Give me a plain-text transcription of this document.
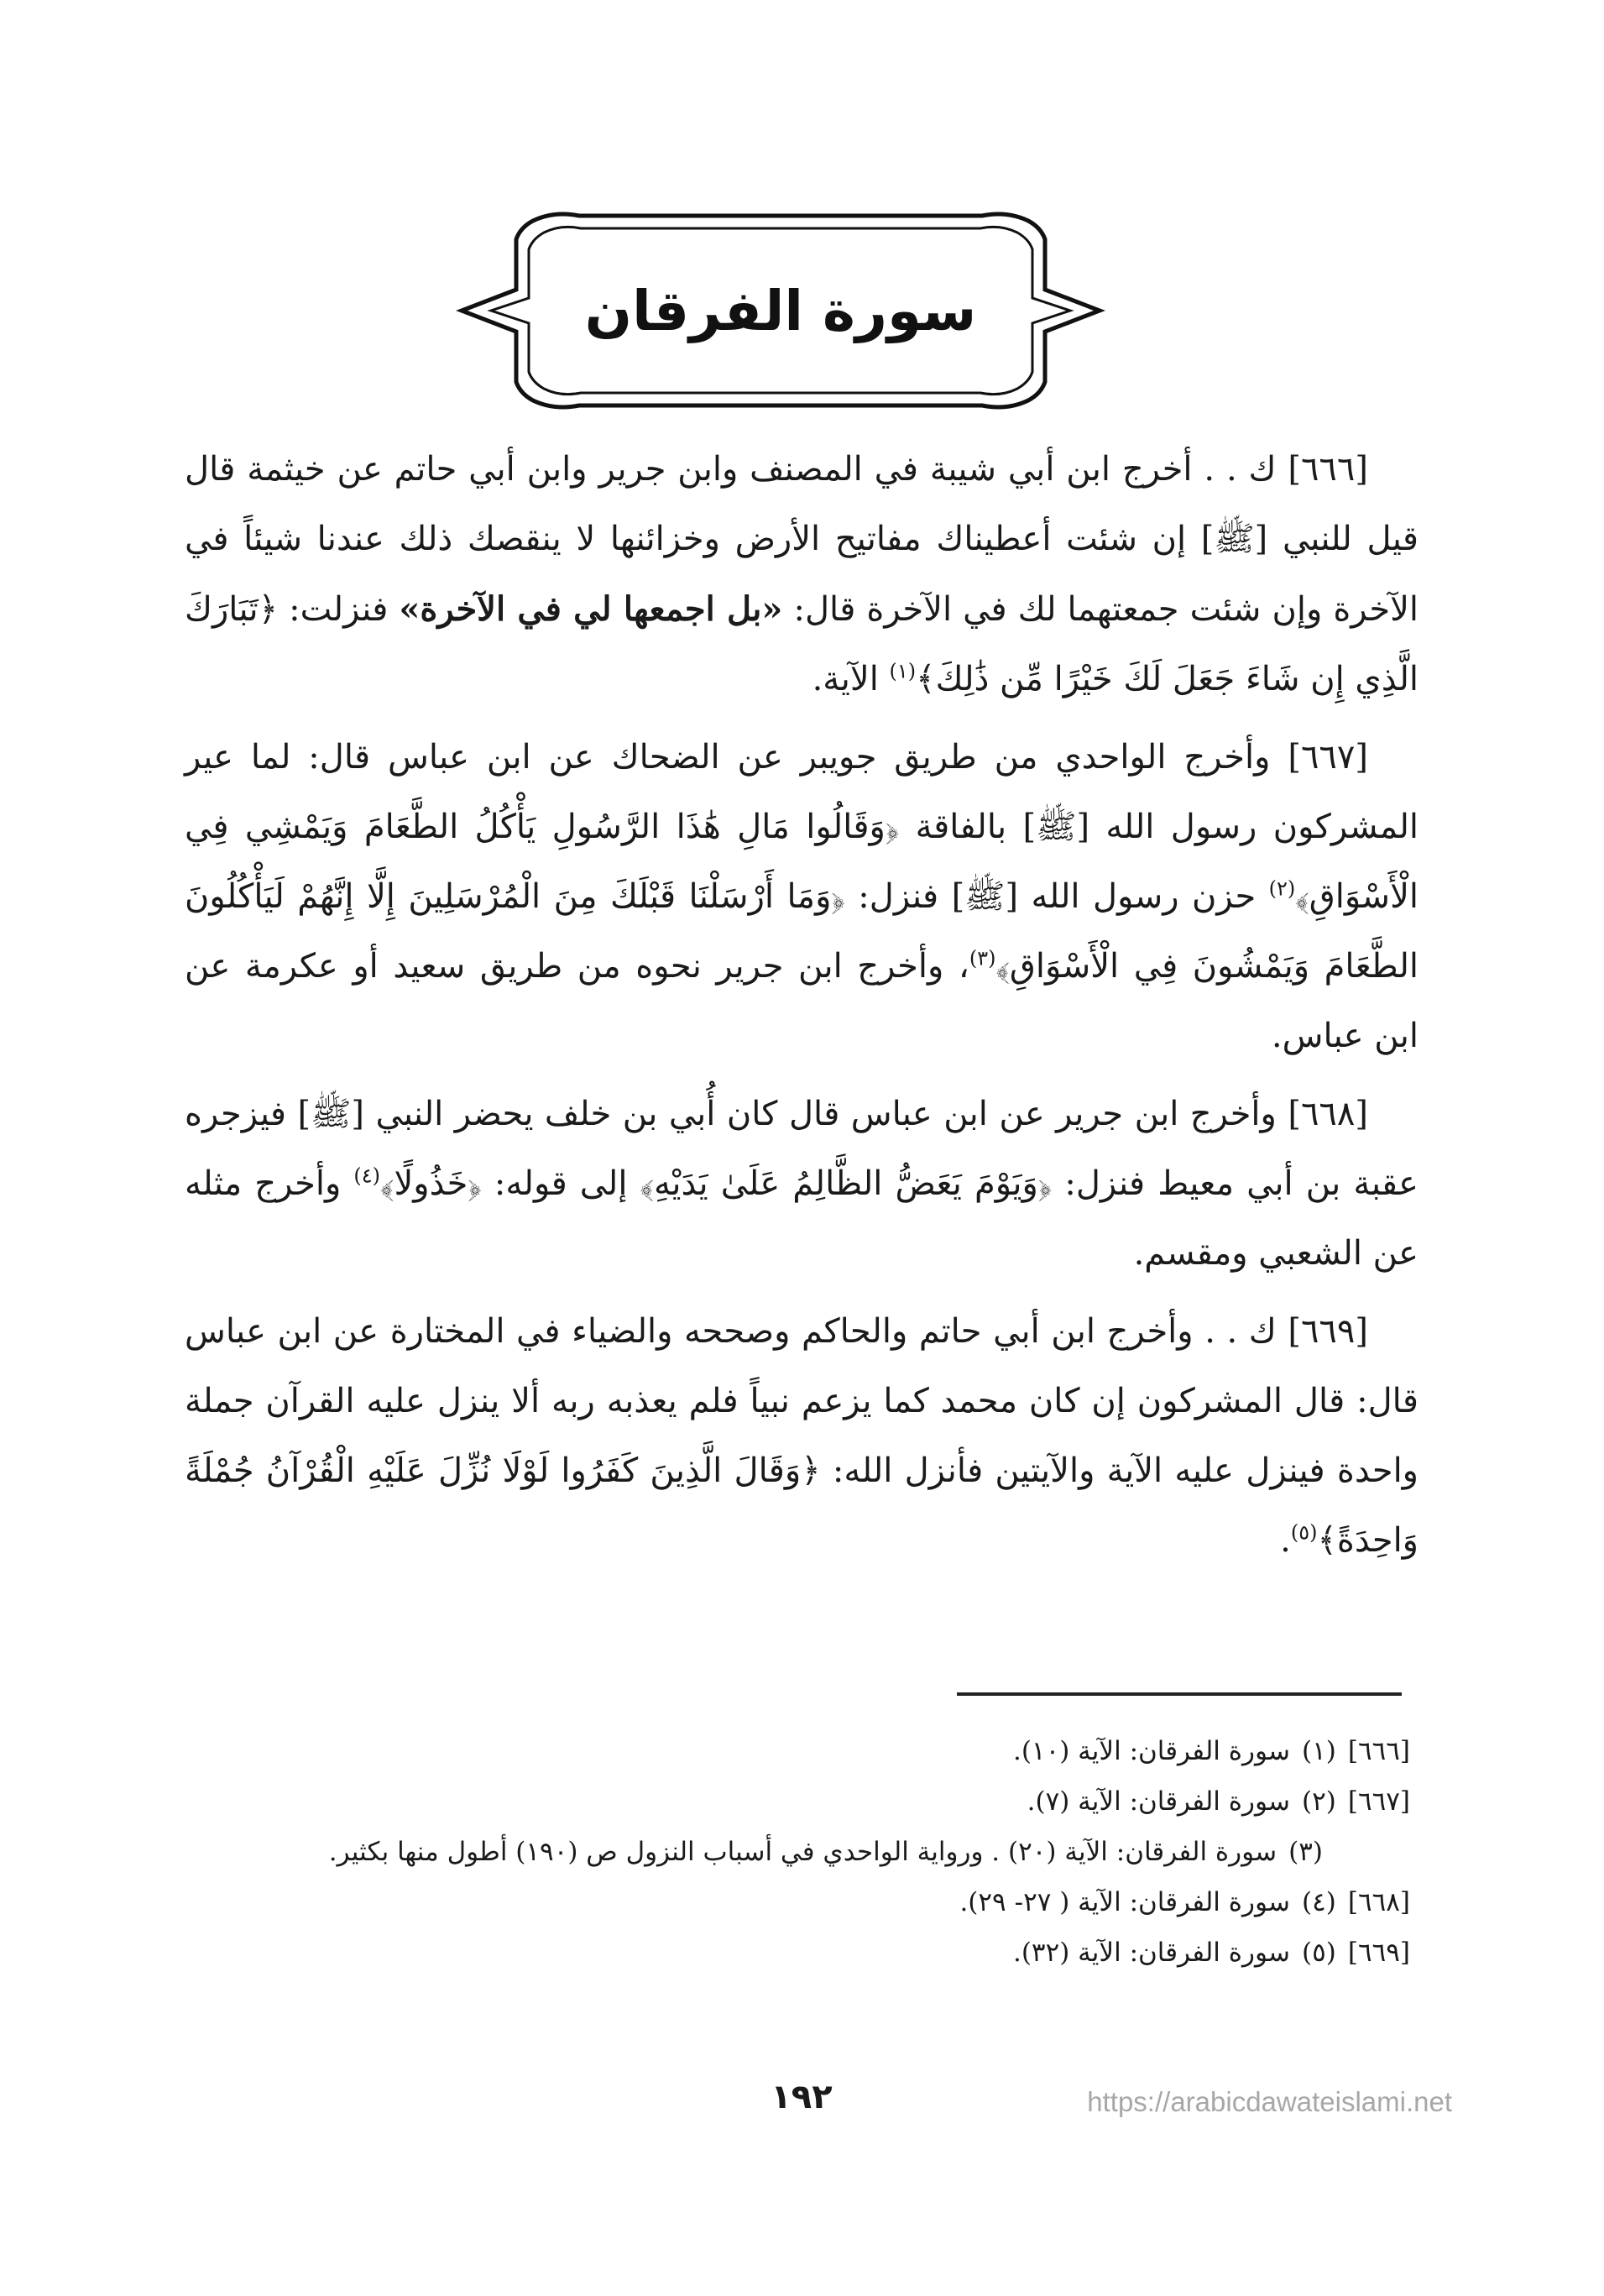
سورة الفرقان

[٦٦٦] ك . . أخرج ابن أبي شيبة في المصنف وابن جرير وابن أبي حاتم عن خيثمة قال قيل للنبي [ﷺ] إن شئت أعطيناك مفاتيح الأرض وخزائنها لا ينقصك ذلك عندنا شيئاً في الآخرة وإن شئت جمعتهما لك في الآخرة قال: «بل اجمعها لي في الآخرة» فنزلت: ﴿تَبَارَكَ الَّذِي إِن شَاءَ جَعَلَ لَكَ خَيْرًا مِّن ذَٰلِكَ﴾$^{(١)}$ الآية.

[٦٦٧] وأخرج الواحدي من طريق جويبر عن الضحاك عن ابن عباس قال: لما عير المشركون رسول الله [ﷺ] بالفاقة ﴿وَقَالُوا مَالِ هَٰذَا الرَّسُولِ يَأْكُلُ الطَّعَامَ وَيَمْشِي فِي الْأَسْوَاقِ﴾$^{(٢)}$ حزن رسول الله [ﷺ] فنزل: ﴿وَمَا أَرْسَلْنَا قَبْلَكَ مِنَ الْمُرْسَلِينَ إِلَّا إِنَّهُمْ لَيَأْكُلُونَ الطَّعَامَ وَيَمْشُونَ فِي الْأَسْوَاقِ﴾$^{(٣)}$، وأخرج ابن جرير نحوه من طريق سعيد أو عكرمة عن ابن عباس.

[٦٦٨] وأخرج ابن جرير عن ابن عباس قال كان أُبي بن خلف يحضر النبي [ﷺ] فيزجره عقبة بن أبي معيط فنزل: ﴿وَيَوْمَ يَعَضُّ الظَّالِمُ عَلَىٰ يَدَيْهِ﴾ إلى قوله: ﴿خَذُولًا﴾$^{(٤)}$ وأخرج مثله عن الشعبي ومقسم.

[٦٦٩] ك . . وأخرج ابن أبي حاتم والحاكم وصححه والضياء في المختارة عن ابن عباس قال: قال المشركون إن كان محمد كما يزعم نبياً فلم يعذبه ربه ألا ينزل عليه القرآن جملة واحدة فينزل عليه الآية والآيتين فأنزل الله: ﴿وَقَالَ الَّذِينَ كَفَرُوا لَوْلَا نُزِّلَ عَلَيْهِ الْقُرْآنُ جُمْلَةً وَاحِدَةً﴾$^{(٥)}$.

[٦٦٦]
(١)
سورة الفرقان: الآية (١٠).
[٦٦٧]
(٢)
سورة الفرقان: الآية (٧).
(٣)
سورة الفرقان: الآية (٢٠) . ورواية الواحدي في أسباب النزول ص (١٩٠) أطول منها بكثير.
[٦٦٨]
(٤)
سورة الفرقان: الآية ( ٢٧- ٢٩).
[٦٦٩]
(٥)
سورة الفرقان: الآية (٣٢).
١٩٢	https://arabicdawateislami.net
